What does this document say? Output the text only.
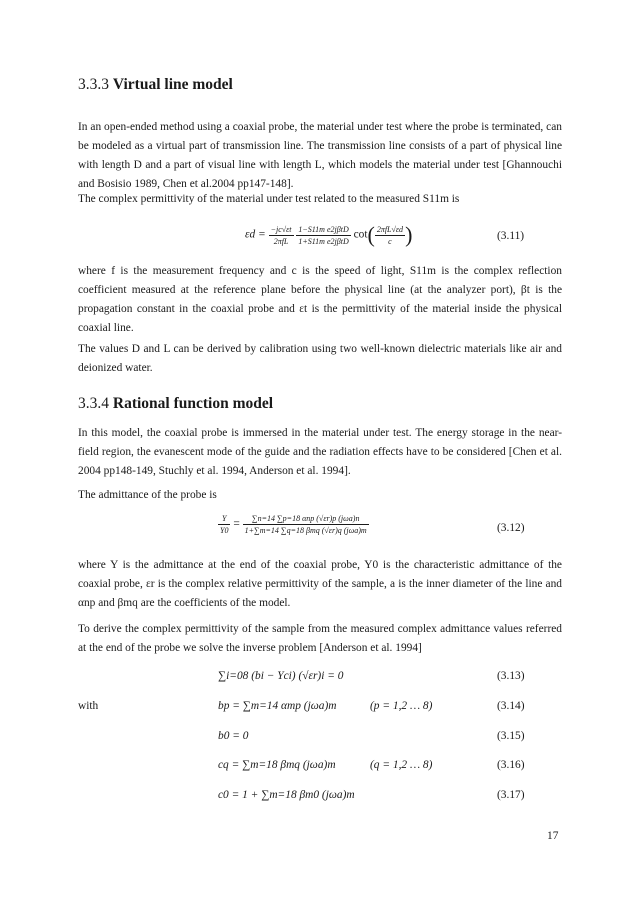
3.3.3 Virtual line model
In an open-ended method using a coaxial probe, the material under test where the probe is terminated, can be modeled as a virtual part of transmission line. The transmission line consists of a part of physical line with length D and a part of visual line with length L, which models the material under test [Ghannouchi and Bosisio 1989, Chen et al.2004 pp147-148].
The complex permittivity of the material under test related to the measured S11m is
$\varepsilon d = \frac{-jc√\varepsilon t}{\text{2πfL}}$
$\frac{\text{1−S11m e2jβtD}}{\text{1+S11m e2jβtD}} \cot( \frac{\text{2πfL√εd}}{c}$ )	(3.11)
where f is the measurement frequency and c is the speed of light, S11m is the complex reflection coefficient measured at the reference plane before the physical line (at the analyzer port), βt is the propagation constant in the coaxial probe and εt is the permittivity of the material inside the physical coaxial line.
The values D and L can be derived by calibration using two well-known dielectric materials like air and deionized water.
3.3.4 Rational function model
In this model, the coaxial probe is immersed in the material under test. The energy storage in the near-field region, the evanescent mode of the guide and the radiation effects have to be considered [Chen et al. 2004 pp148-149, Stuchly et al. 1994, Anderson et al. 1994].
The admittance of the probe is
$\frac{Y}{Y0} = \frac{\text{∑n=14 ∑p=18 αnp (√εr)p (jωa)n}}{\text{1+∑m=14 ∑q=18 βmq (√εr)q (jωa)m}}$	(3.12)
where Y is the admittance at the end of the coaxial probe, Y0 is the characteristic admittance of the coaxial probe, εr is the complex relative permittivity of the sample, a is the inner diameter of the line and αnp and βmq are the coefficients of the model.
To derive the complex permittivity of the sample from the measured complex admittance values referred at the end of the probe we solve the inverse problem [Anderson et al. 1994]
∑i=08 (bi − Yci) (√εr)i = 0	(3.13)
with	bp = ∑m=14 αmp (jωa)m	(p = 1,2 … 8)	(3.14)
b0 = 0	(3.15)
cq = ∑m=18 βmq (jωa)m	(q = 1,2 … 8)	(3.16)
c0 = 1 + ∑m=18 βm0 (jωa)m	(3.17)
17
